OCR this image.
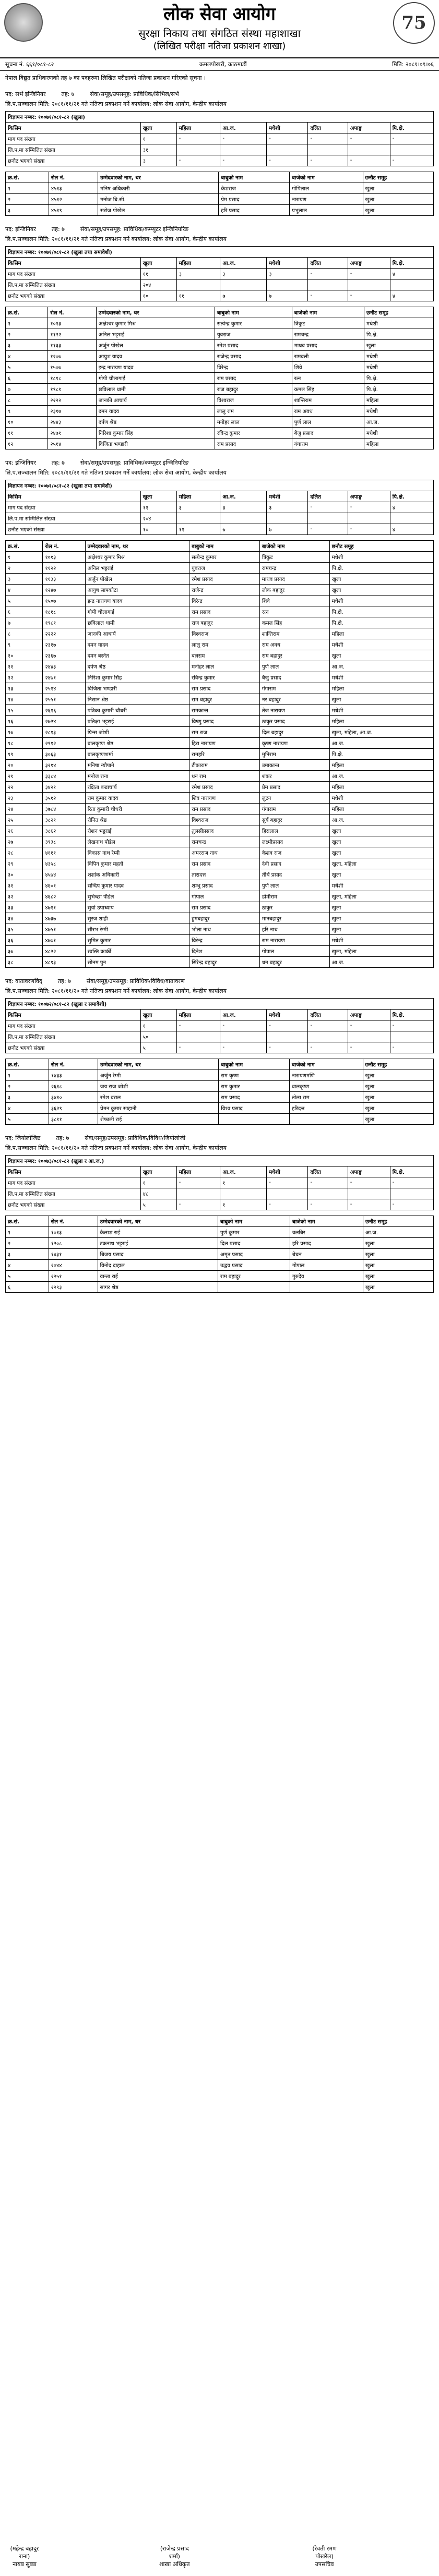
लोक सेवा आयोग
सुरक्षा निकाय तथा संगठित संस्था महाशाखा
(लिखित परीक्षा नतिजा प्रकाशन शाखा)
75
सूचना नं. ६६१/०८१-८२	कमलपोखरी, काठमाडौं	मिति: २०८१।०९।०६
नेपाल विद्युत प्राधिकरणको तह ७ का पदहरुमा लिखित परीक्षाको नतिजा प्रकाशन गरिएको सूचना ।
पद: सर्भे इन्जिनियर	तह: ७	सेवा/समूह/उपसमूह: प्राविधिक/सिभिल/सर्भे
लि.प.सञ्चालन मिति: २०८१/११/२१ गते नतिजा प्रकाशन गर्ने कार्यालय: लोक सेवा आयोग, केन्द्रीय कार्यालय
विज्ञापन नम्बर: १००७१/०८१-८२ (खुला)							
किसिम	खुला	महिला	आ.ज.	मधेशी	दलित	अपाङ्ग	पि.क्षे.
माग पद संख्या	१	-	-	-	-	-	-
लि.प.मा सम्मिलित संख्या	३१						
छनौट भएको संख्या	३	-	-	-	-	-	-
क्र.सं.	रोल नं.	उम्मेदवारको नाम, थर	बाबुको नाम	बाजेको नाम	छनौट समूह
१	४५१३	मनिष अधिकारी	केशराज	गोपिलाल	खुला
२	४५१२	मनोज बि.सी.	प्रेम प्रसाद	नारायण	खुला
३	४५१९	सरोज पोखेल	हरि प्रसाद	प्रभुलाल	खुला
पद: इन्जिनियर	तह: ७	सेवा/समूह/उपसमूह: प्राविधिक/कम्प्युटर इन्जिनियरिङ
लि.प.सञ्चालन मिति: २०८१/११/२१ गते नतिजा प्रकाशन गर्ने कार्यालय: लोक सेवा आयोग, केन्द्रीय कार्यालय
विज्ञापन नम्बर: १००७१/०८१-८२ (खुला तथा समावेशी)							
किसिम	खुला	महिला	आ.ज.	मधेशी	दलित	अपाङ्ग	पि.क्षे.
माग पद संख्या	११	३	३	३	-	-	४
लि.प.मा सम्मिलित संख्या	२०४						
छनौट भएको संख्या	१०	११	७	७	-	-	४
क्र.सं.	रोल नं.	उम्मेदवारको नाम, थर	बाबुको नाम	बाजेको नाम	छनौट समूह
१	१०१३	अक्षेश्वर कुमार मिश्र	सत्येन्द्र कुमार	त्रिकुट	मधेशी
२	११२२	अनिल भट्टराई	युवराज	रामचन्द्र	पि.क्षे.
३	११३३	अर्जुन पोखेल	रमेश प्रसाद	माधव प्रसाद	खुला
४	१२०७	आयुश यादव	राजेन्द्र प्रसाद	रामबली	मधेशी
५	१५०७	इन्द्र नारायण यादव	विरेन्द्र	शिवे	मधेशी
६	१८१८	गोपी चौलागाईं	राम प्रसाद	रत्न	पि.क्षे.
७	१९८१	छविलाल धामी	राज बहादुर	कमल सिंह	पि.क्षे.
८	२२२२	जानकी आचार्य	विश्वराज	शान्तिराम	महिला
९	२३१७	दमन यादव	लालु राम	राम अवध	मधेशी
१०	२४४३	दर्पण श्रेष्ठ	मनोहर लाल	पुर्ण लाल	आ.ज.
११	२४७१	निरिशा कुमार सिंह	रविन्द्र कुमार	बैजु प्रसाद	मधेशी
१२	२५१४	विजिता भण्डारी	राम प्रसाद	गंगाराम	महिला
पद: इन्जिनियर	तह: ७	सेवा/समूह/उपसमूह: प्राविधिक/कम्प्युटर इन्जिनियरिङ
लि.प.सञ्चालन मिति: २०८१/११/२१ गते नतिजा प्रकाशन गर्ने कार्यालय: लोक सेवा आयोग, केन्द्रीय कार्यालय
विज्ञापन नम्बर: १००७१/०८१-८२ (खुला तथा समावेशी)							
किसिम	खुला	महिला	आ.ज.	मधेशी	दलित	अपाङ्ग	पि.क्षे.
माग पद संख्या	११	३	३	३	-	-	४
लि.प.मा सम्मिलित संख्या	२०४						
छनौट भएको संख्या	१०	११	७	७	-	-	४
क्र.सं.	रोल नं.	उम्मेदवारको नाम, थर	बाबुको नाम	बाजेको नाम	छनौट समूह
१	१०१३	अक्षेश्वर कुमार मिश्र	सत्येन्द्र कुमार	त्रिकुट	मधेशी
२	११२२	अनिल भट्टराई	युवराज	रामचन्द्र	पि.क्षे.
३	११३३	अर्जुन पोखेल	रमेश प्रसाद	माधव प्रसाद	खुला
४	१२४७	आयुष सापकोटा	राजेन्द्र	लोक बहादुर	खुला
५	१५०७	इन्द्र नारायण यादव	विरेन्द्र	शिवे	मधेशी
६	१८१८	गोपी चौलागाईं	राम प्रसाद	रत्न	पि.क्षे.
७	१९८१	छविलाल धामी	राज बहादुर	कमल सिंह	पि.क्षे.
८	२२२२	जानकी आचार्य	विश्वराज	शान्तिराम	महिला
९	२३१७	दमन यादव	लालु राम	राम अवध	मधेशी
१०	२३६७	दमन बस्नेत	बलराम	राम बहादुर	खुला
११	२४४३	दर्पण श्रेष्ठ	मनोहर लाल	पुर्ण लाल	आ.ज.
१२	२४७१	निरिशा कुमार सिंह	रविन्द्र कुमार	बैजु प्रसाद	मधेशी
१३	२५१४	विजिता भण्डारी	राम प्रसाद	गंगाराम	महिला
१४	२५५१	निसान श्रेष्ठ	राम बहादुर	नर बहादुर	खुला
१५	२६१६	पत्रिका कुमारी चौधरी	रामकान्त	तेज नारायण	मधेशी
१६	२७२४	प्रतिक्षा भट्टराई	विष्णु प्रसाद	ठाकुर प्रसाद	महिला
१७	२८१३	प्रिन्स जोशी	राम राज	दिल बहादुर	खुला, महिला, आ.ज.
१८	२९१२	बालकृष्ण श्रेष्ठ	हिरा नारायण	कृष्ण नारायण	आ.ज.
१९	३०६३	बालकृष्णशर्मा	रामहरि	मुनिराम	पि.क्षे.
२०	३२१४	मनिषा न्यौपाने	टीकाराम	उमाकान्त	महिला
२१	३३८४	मनोज राना	धन राम	शंकर	आ.ज.
२२	३४२१	रक्षिता बज्राचार्य	रमेश प्रसाद	प्रेम प्रसाद	महिला
२३	३५१२	राम कुमार यादव	शिव नारायण	लुटन	मधेशी
२४	३७८४	रिता कुमारी चौधरी	राम प्रसाद	गंगाराम	महिला
२५	३८२१	रोनित श्रेष्ठ	विश्वराज	सुर्य बहादुर	आ.ज.
२६	३८६२	रोशन भट्टराई	तुलसीप्रसाद	हिरालाल	खुला
२७	३९३८	लेखनाथ पौडेल	रामचन्द्र	लक्ष्मीप्रसाद	खुला
२८	४१११	विकास नाथ रेग्मी	अमरराज नाथ	केशव राज	खुला
२९	४३५८	विपिन कुमार महतो	राम प्रसाद	देवी प्रसाद	खुला, महिला
३०	४५७४	शशांक अधिकारी	तारादत्त	तीर्थ प्रसाद	खुला
३१	४६०१	सन्दिप कुमार यादव	शम्भु प्रसाद	पुर्ण लाल	मधेशी
३२	४६८२	सुभेच्छा पौडेल	गोपाल	डोमीराम	खुला, महिला
३३	४७११	सुर्या उपाध्याय	राम प्रसाद	ठाकुर	खुला
३४	४७३७	सुरज शाही	हुमबहादुर	मानबहादुर	खुला
३५	४७५१	सौरभ रेग्मी	भोला नाथ	हरि नाथ	खुला
३६	४७७१	सुमित कुमार	विरेन्द्र	राम नारायण	मधेशी
३७	४८२२	स्वस्ति कार्की	दिनेश	गोपाल	खुला, महिला
३८	४८९३	सोनम पुन	सिरेन्द्र बहादुर	धन बहादुर	आ.ज.
पद: वातावरणविद्	तह: ७	सेवा/समूह/उपसमूह: प्राविधिक/विविध/वातावरण
लि.प.सञ्चालन मिति: २०८१/११/२० गते नतिजा प्रकाशन गर्ने कार्यालय: लोक सेवा आयोग, केन्द्रीय कार्यालय
विज्ञापन नम्बर: १००७२/०८१-८२ (खुला र समावेशी)							
किसिम	खुला	महिला	आ.ज.	मधेशी	दलित	अपाङ्ग	पि.क्षे.
माग पद संख्या	१	-	-	-	-	-	-
लि.प.मा सम्मिलित संख्या	५०						
छनौट भएको संख्या	५	-	-	-	-	-	-
क्र.सं.	रोल नं.	उम्मेदवारको नाम, थर	बाबुको नाम	बाजेको नाम	छनौट समूह
१	१४३३	अर्जुन रेग्मी	राम कृष्ण	नारायणमणि	खुला
२	२६१८	जय राज जोशी	राम कुमार	बालकृष्ण	खुला
३	३४१०	रमेश बराल	राम प्रसाद	तोला राम	खुला
४	३६२९	प्रेमन कुमार साहानी	विश्व प्रसाद	हरिदत्त	खुला
५	३८११	शेफाली राई			खुला
पद: जियोलोजिष्ट	तह: ७	सेवा/समूह/उपसमूह: प्राविधिक/विविध/जियोलोजी
लि.प.सञ्चालन मिति: २०८१/११/२० गते नतिजा प्रकाशन गर्ने कार्यालय: लोक सेवा आयोग, केन्द्रीय कार्यालय
विज्ञापन नम्बर: १००७३/०८१-८२ (खुला र आ.ज.)							
किसिम	खुला	महिला	आ.ज.	मधेशी	दलित	अपाङ्ग	पि.क्षे.
माग पद संख्या	१	-	१	-	-	-	-
लि.प.मा सम्मिलित संख्या	४८						
छनौट भएको संख्या	५	-	१	-	-	-	-
क्र.सं.	रोल नं.	उम्मेदवारको नाम, थर	बाबुको नाम	बाजेको नाम	छनौट समूह
१	१०१३	कैलाश राई	पुर्ण कुमार	वलबिर	आ.ज.
२	१२०८	टकनाथ भट्टराई	दिल प्रसाद	हरि प्रसाद	खुला
३	१४३१	बिजय प्रसाद	अमृत प्रसाद	बेचन	खुला
४	२०४४	विनोद दाहाल	उद्धव प्रसाद	गोपाल	खुला
५	२२५१	वान्ता राई	राम बहादुर	गुरुदेव	खुला
६	२२९३	सागर श्रेष्ठ			खुला
(महेन्द्र बहादुर राना)
नायब सुब्बा
(राजेन्द्र प्रसाद शर्मा)
शाखा अधिकृत
(रेवती रमण पोखरेल)
उपसचिव
